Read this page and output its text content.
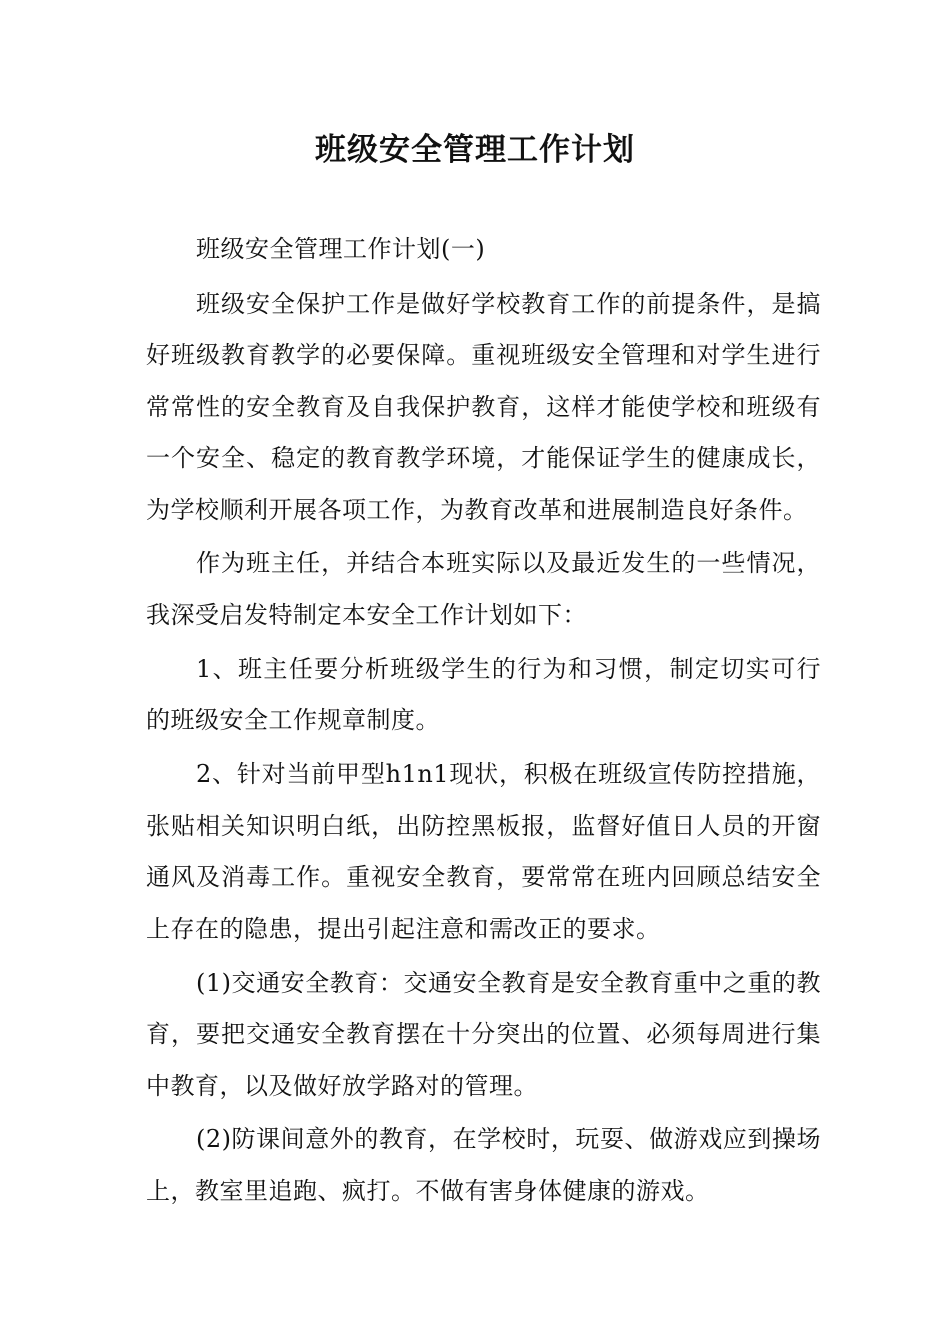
班级安全管理工作计划

班级安全管理工作计划(一)

班级安全保护工作是做好学校教育工作的前提条件，是搞好班级教育教学的必要保障。重视班级安全管理和对学生进行常常性的安全教育及自我保护教育，这样才能使学校和班级有一个安全、稳定的教育教学环境，才能保证学生的健康成长，为学校顺利开展各项工作，为教育改革和进展制造良好条件。

作为班主任，并结合本班实际以及最近发生的一些情况，我深受启发特制定本安全工作计划如下：

1、班主任要分析班级学生的行为和习惯，制定切实可行的班级安全工作规章制度。

2、针对当前甲型h1n1现状，积极在班级宣传防控措施，张贴相关知识明白纸，出防控黑板报，监督好值日人员的开窗通风及消毒工作。重视安全教育，要常常在班内回顾总结安全上存在的隐患，提出引起注意和需改正的要求。

(1)交通安全教育：交通安全教育是安全教育重中之重的教育，要把交通安全教育摆在十分突出的位置、必须每周进行集中教育，以及做好放学路对的管理。

(2)防课间意外的教育，在学校时，玩耍、做游戏应到操场上，教室里追跑、疯打。不做有害身体健康的游戏。
